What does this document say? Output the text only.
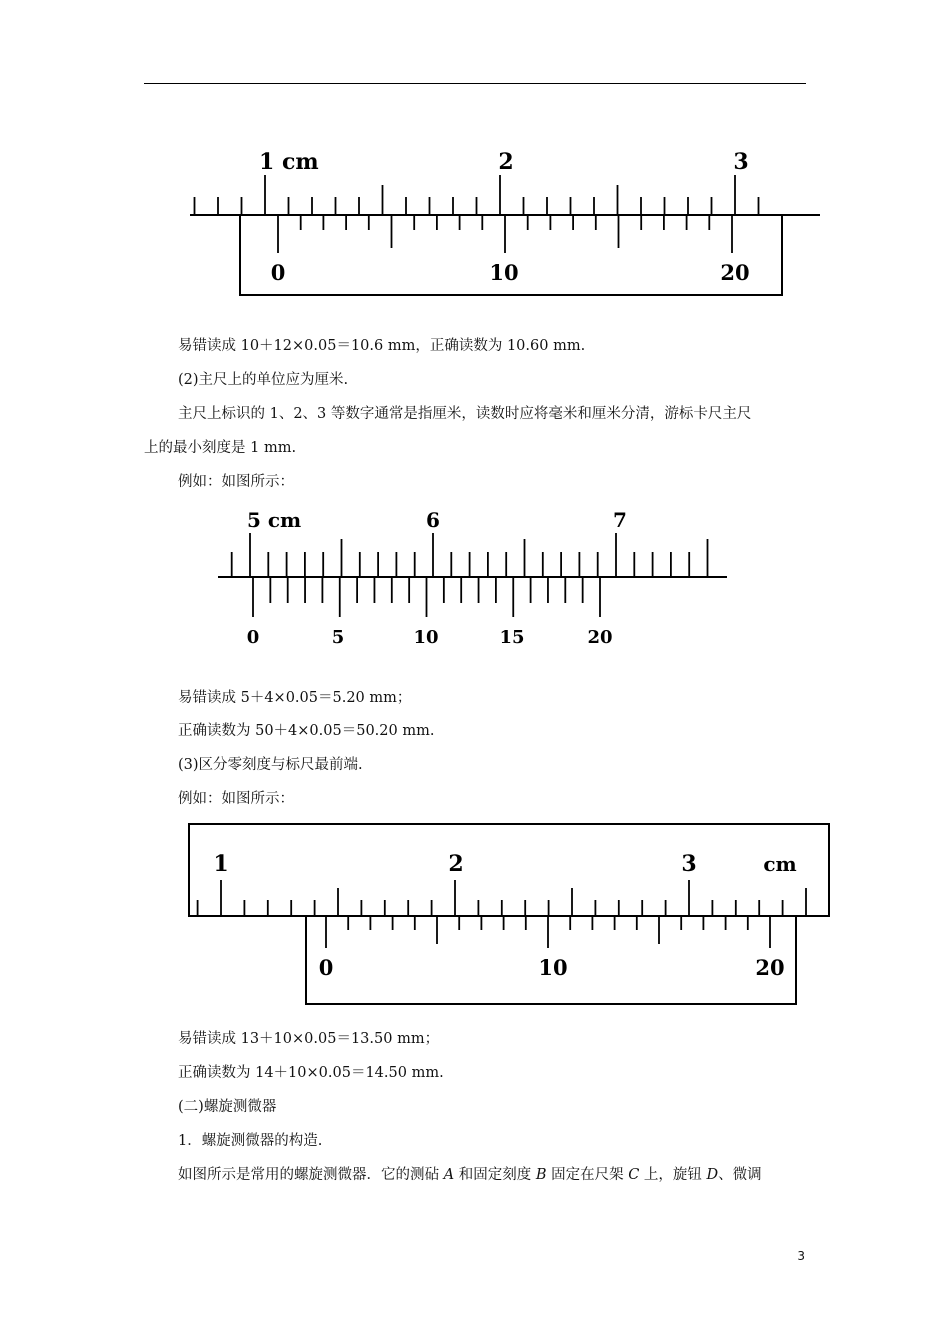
1 cm	2	3
0	10	20

易错读成 10＋12×0.05＝10.6 mm，正确读数为 10.60 mm.

(2)主尺上的单位应为厘米.

主尺上标识的 1、2、3 等数字通常是指厘米，读数时应将毫米和厘米分清，游标卡尺主尺

上的最小刻度是 1 mm.

例如：如图所示：

5 cm	6	7
0	5	10	15	20

易错读成 5＋4×0.05＝5.20 mm；

正确读数为 50＋4×0.05＝50.20 mm.

(3)区分零刻度与标尺最前端.

例如：如图所示：

1	2	3	cm
0	10	20

易错读成 13＋10×0.05＝13.50 mm；

正确读数为 14＋10×0.05＝14.50 mm.

(二)螺旋测微器

1．螺旋测微器的构造.

如图所示是常用的螺旋测微器．它的测砧 A 和固定刻度 B 固定在尺架 C 上，旋钮 D、微调

3
